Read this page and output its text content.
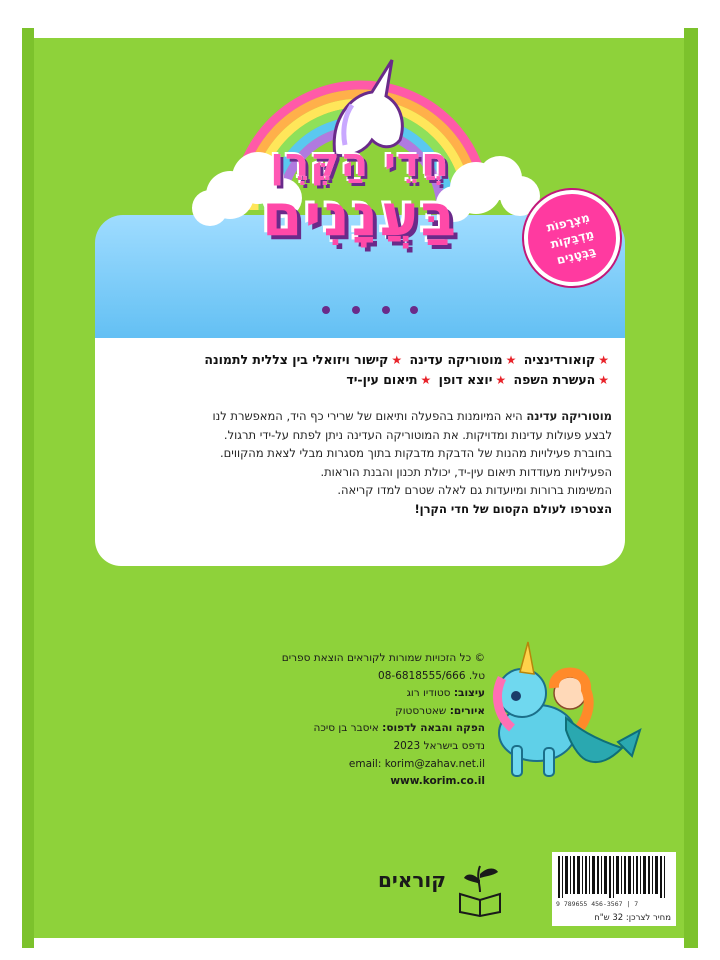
חֲדֵי הַקֶּרֶן
בַּעֲנָנִים	מִצְרָפוֹת
מַדְבֵּקוֹת
בַּבְּטָנִים
★קואורדינציה ★מוטוריקה עדינה ★קישור ויזואלי בין צללית לתמונה
★העשרת השפה ★יוצא דופן ★תיאום עין-יד
מוטוריקה עדינה היא המיומנות בהפעלה ותיאום של שרירי כף היד, המאפשרת לנו
לבצע פעולות עדינות ומדויקות. את המוטוריקה העדינה ניתן לפתח על-ידי תרגול.
בחוברת פעילויות מהנות של הדבקת מדבקות בתוך מסגרות מבלי לצאת מהקווים.
הפעילויות מעודדות תיאום עין-יד, יכולת תכנון והבנת הוראות.
המשימות ברורות ומיועדות גם לאלה שטרם למדו קריאה.
הצטרפו לעולם הקסום של חדי הקרן!
© כל הזכויות שמורות לקוראים הוצאת ספרים
טל. 08-6818555/666
עיצוב: סטודיו רוג
איורים: שאטרסטוק
הפקה והבאה לדפוס: איסבר בן סיכה
נדפס בישראל 2023
email: korim@zahav.net.il
www.korim.co.il
קוראים
9 789655 456-3567 | 7
מחיר לצרכן: 32 ש"ח
